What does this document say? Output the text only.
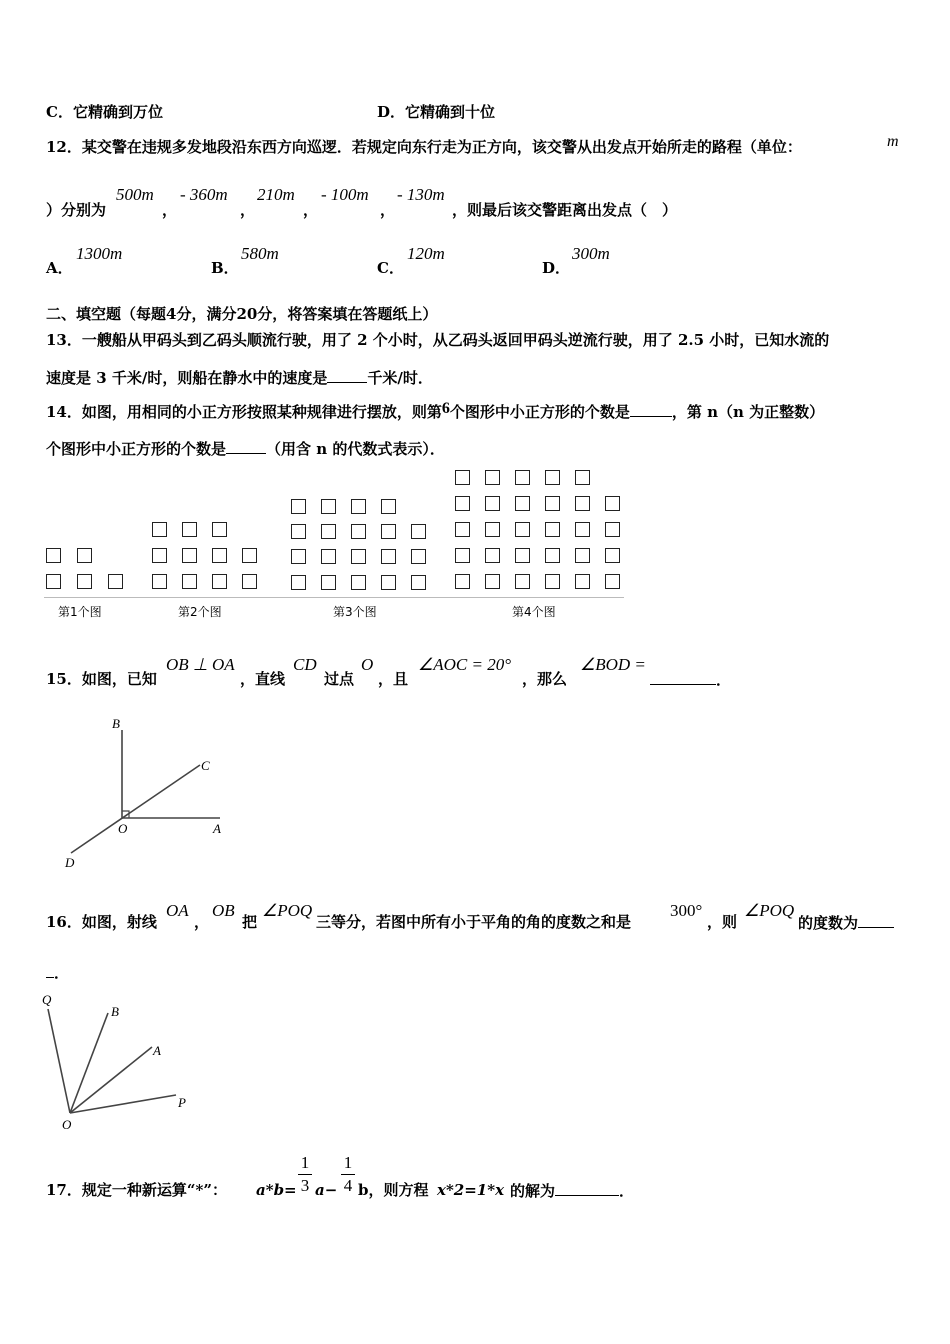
C．它精确到万位	D．它精确到十位
12．某交警在违规多发地段沿东西方向巡逻．若规定向东行走为正方向，该交警从出发点开始所走的路程（单位：	m
）分别为
500m
，
- 360m
，
210m
，
- 100m
，
- 130m
，则最后该交警距离出发点（　）
A．
1300m
B．
580m
C．
120m
D．
300m
二、填空题（每题4分，满分20分，将答案填在答题纸上）
13．一艘船从甲码头到乙码头顺流行驶，用了 2 个小时，从乙码头返回甲码头逆流行驶，用了 2.5 小时，已知水流的
速度是 3 千米/时，则船在静水中的速度是	千米/时．
14．如图，用相同的小正方形按照某种规律进行摆放，则第6个图形中小正方形的个数是	，第 n（n 为正整数）
个图形中小正方形的个数是	（用含 n 的代数式表示）．
第1个图	第2个图	第3个图	第4个图
15．如图，已知
OB ⊥ OA
，直线
CD
过点
O
，且
∠AOC = 20°
，那么
∠BOD =
．
B
C
O	A
D
16．如图，射线
OA
，
OB
把
∠POQ
三等分，若图中所有小于平角的角的度数之和是
300°
，则
∠POQ
的度数为
．
Q
B
A
P
O
17．规定一种新运算“*”： a*b=
1
3 a−
1
4 b，则方程 x*2=1*x 的解为	．
